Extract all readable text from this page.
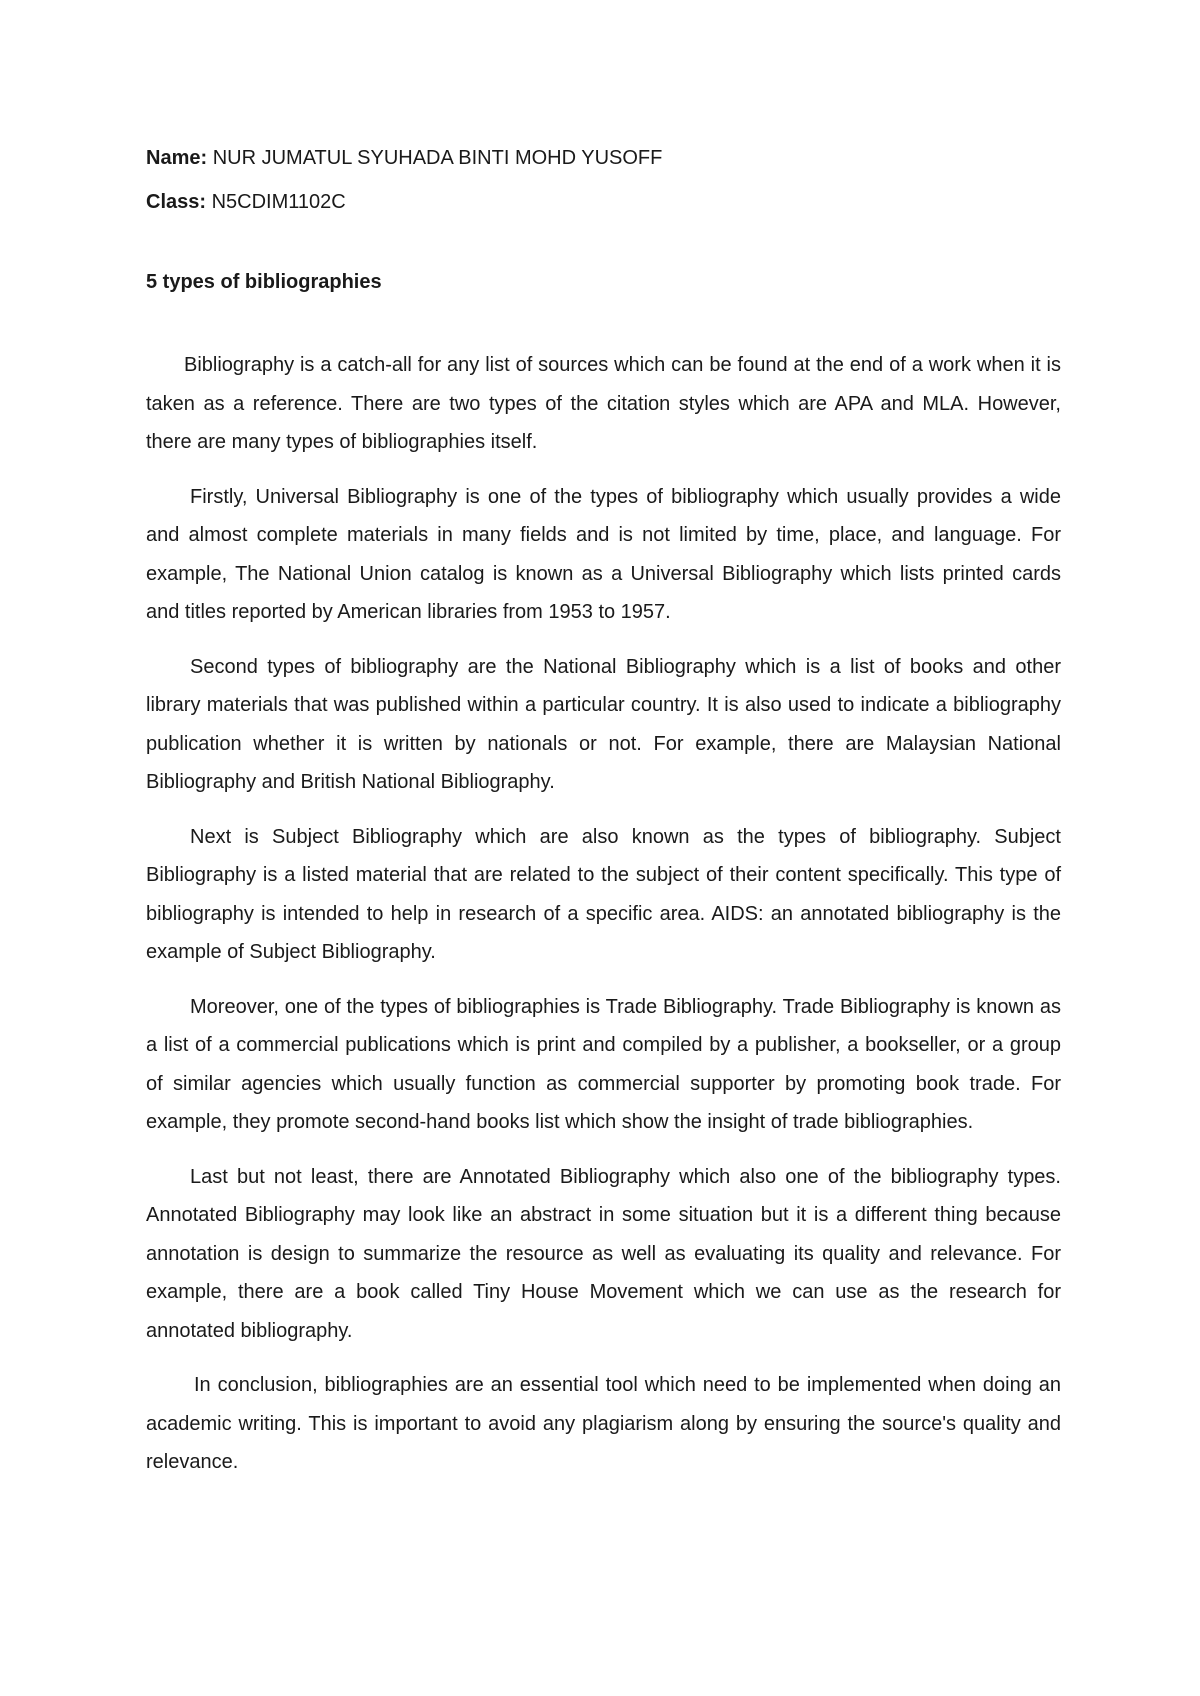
Name: NUR JUMATUL SYUHADA BINTI MOHD YUSOFF

Class: N5CDIM1102C

5 types of bibliographies

Bibliography is a catch-all for any list of sources which can be found at the end of a work when it is taken as a reference. There are two types of the citation styles which are APA and MLA. However, there are many types of bibliographies itself.

Firstly, Universal Bibliography is one of the types of bibliography which usually provides a wide and almost complete materials in many fields and is not limited by time, place, and language. For example, The National Union catalog is known as a Universal Bibliography which lists printed cards and titles reported by American libraries from 1953 to 1957.

Second types of bibliography are the National Bibliography which is a list of books and other library materials that was published within a particular country. It is also used to indicate a bibliography publication whether it is written by nationals or not. For example, there are Malaysian National Bibliography and British National Bibliography.

Next is Subject Bibliography which are also known as the types of bibliography. Subject Bibliography is a listed material that are related to the subject of their content specifically. This type of bibliography is intended to help in research of a specific area. AIDS: an annotated bibliography is the example of Subject Bibliography.

Moreover, one of the types of bibliographies is Trade Bibliography. Trade Bibliography is known as a list of a commercial publications which is print and compiled by a publisher, a bookseller, or a group of similar agencies which usually function as commercial supporter by promoting book trade. For example, they promote second-hand books list which show the insight of trade bibliographies.

Last but not least, there are Annotated Bibliography which also one of the bibliography types. Annotated Bibliography may look like an abstract in some situation but it is a different thing because annotation is design to summarize the resource as well as evaluating its quality and relevance. For example, there are a book called Tiny House Movement which we can use as the research for annotated bibliography.

In conclusion, bibliographies are an essential tool which need to be implemented when doing an academic writing. This is important to avoid any plagiarism along by ensuring the source's quality and relevance.
